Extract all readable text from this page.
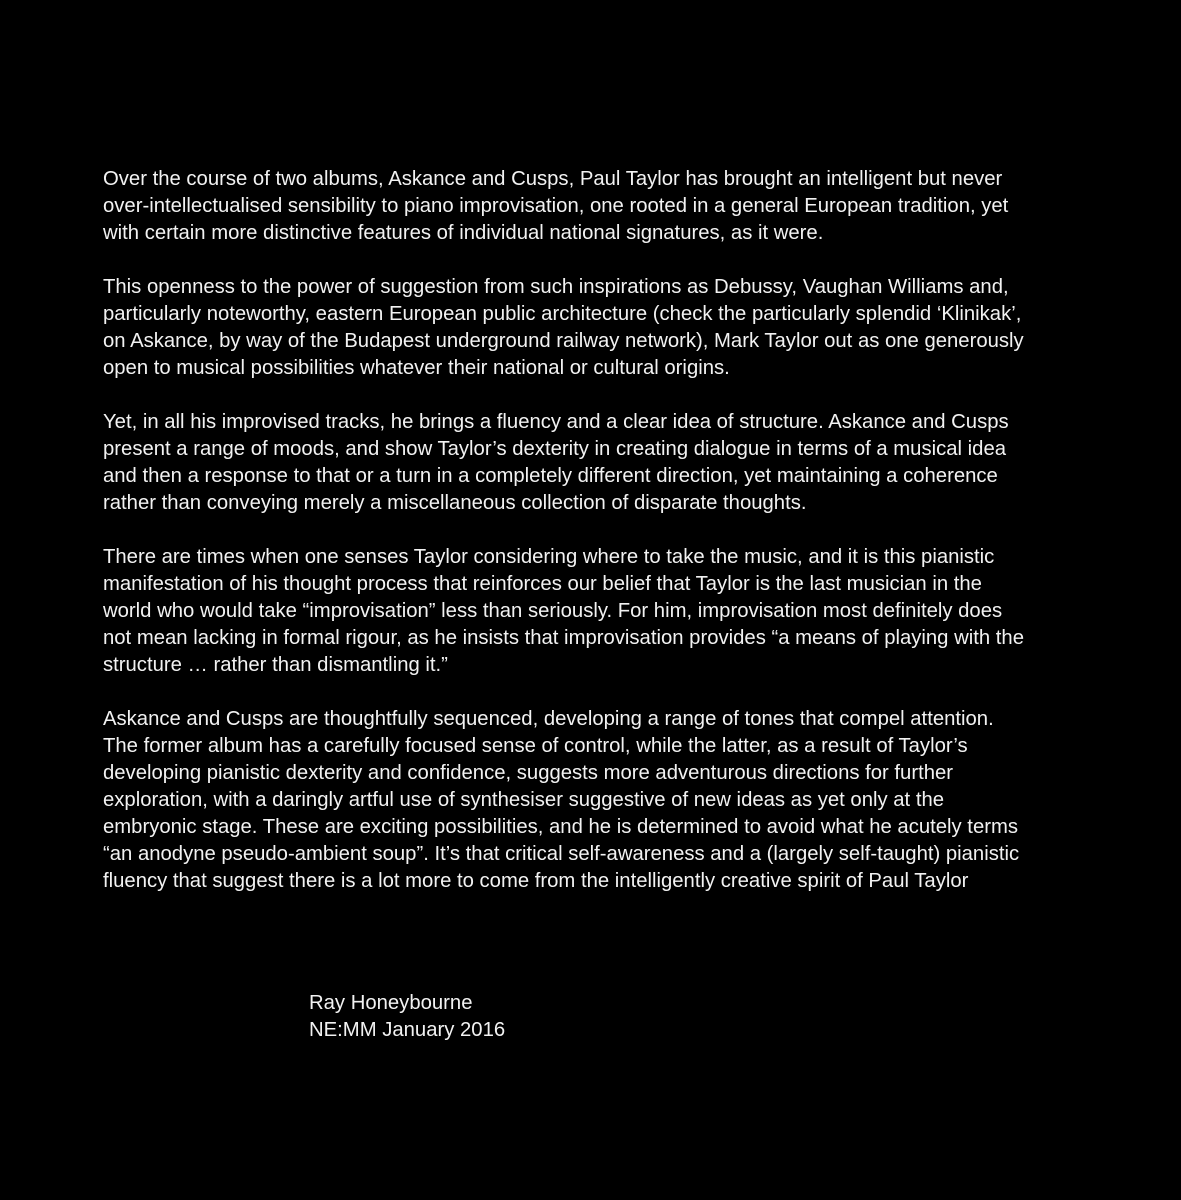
Over the course of two albums, Askance and Cusps, Paul Taylor has brought an intelligent but never
over-intellectualised sensibility to piano improvisation, one rooted in a general European tradition, yet
with certain more distinctive features of individual national signatures, as it were.
This openness to the power of suggestion from such inspirations as Debussy, Vaughan Williams and,
particularly noteworthy, eastern European public architecture (check the particularly splendid ‘Klinikak’,
on Askance, by way of the Budapest underground railway network), Mark Taylor out as one generously
open to musical possibilities whatever their national or cultural origins.
Yet, in all his improvised tracks, he brings a fluency and a clear idea of structure. Askance and Cusps
present a range of moods, and show Taylor’s dexterity in creating dialogue in terms of a musical idea
and then a response to that or a turn in a completely different direction, yet maintaining a coherence
rather than conveying merely a miscellaneous collection of disparate thoughts.
There are times when one senses Taylor considering where to take the music, and it is this pianistic
manifestation of his thought process that reinforces our belief that Taylor is the last musician in the
world who would take “improvisation” less than seriously. For him, improvisation most definitely does
not mean lacking in formal rigour, as he insists that improvisation provides “a means of playing with the
structure … rather than dismantling it.”
Askance and Cusps are thoughtfully sequenced, developing a range of tones that compel attention.
The former album has a carefully focused sense of control, while the latter, as a result of Taylor’s
developing pianistic dexterity and confidence, suggests more adventurous directions for further
exploration, with a daringly artful use of synthesiser suggestive of new ideas as yet only at the
embryonic stage. These are exciting possibilities, and he is determined to avoid what he acutely terms
“an anodyne pseudo-ambient soup”. It’s that critical self-awareness and a (largely self-taught) pianistic
fluency that suggest there is a lot more to come from the intelligently creative spirit of Paul Taylor
Ray Honeybourne
NE:MM January 2016
